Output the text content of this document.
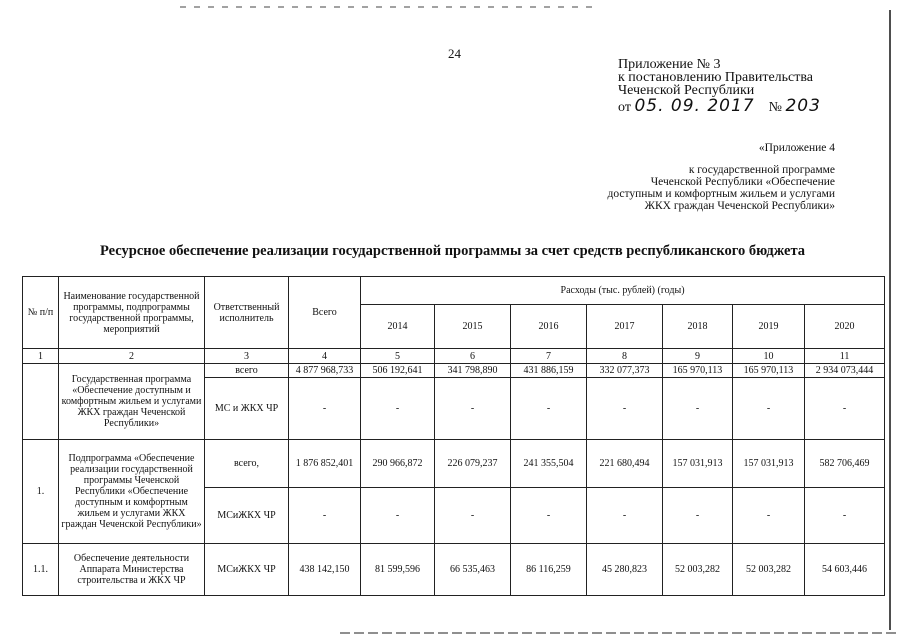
24
Приложение № 3
к постановлению Правительства
Чеченской Республики
от 05. 09. 2017 № 203
«Приложение 4
к государственной программе
Чеченской Республики «Обеспечение
доступным и комфортным жильем и услугами
ЖКХ граждан Чеченской Республики»
Ресурсное обеспечение реализации государственной программы за счет средств республиканского бюджета
№ п/п	Наименование государственной программы, подпрограммы государственной программы, мероприятий	Ответственный исполнитель	Всего	Расходы (тыс. рублей) (годы)						
				2014	2015	2016	2017	2018	2019	2020
1	2	3	4	5	6	7	8	9	10	11
	Государственная программа «Обеспечение доступным и комфортным жильем и услугами ЖКХ граждан Чеченской Республики»	всего	4 877 968,733	506 192,641	341 798,890	431 886,159	332 077,373	165 970,113	165 970,113	2 934 073,444
		МС и ЖКХ ЧР	-	-	-	-	-	-	-	-
1.	Подпрограмма «Обеспечение реализации государственной программы Чеченской Республики «Обеспечение доступным и комфортным жильем и услугами ЖКХ граждан Чеченской Республики»	всего,	1 876 852,401	290 966,872	226 079,237	241 355,504	221 680,494	157 031,913	157 031,913	582 706,469
		МСиЖКХ ЧР	-	-	-	-	-	-	-	-
1.1.	Обеспечение деятельности Аппарата Министерства строительства и ЖКХ ЧР	МСиЖКХ ЧР	438 142,150	81 599,596	66 535,463	86 116,259	45 280,823	52 003,282	52 003,282	54 603,446
